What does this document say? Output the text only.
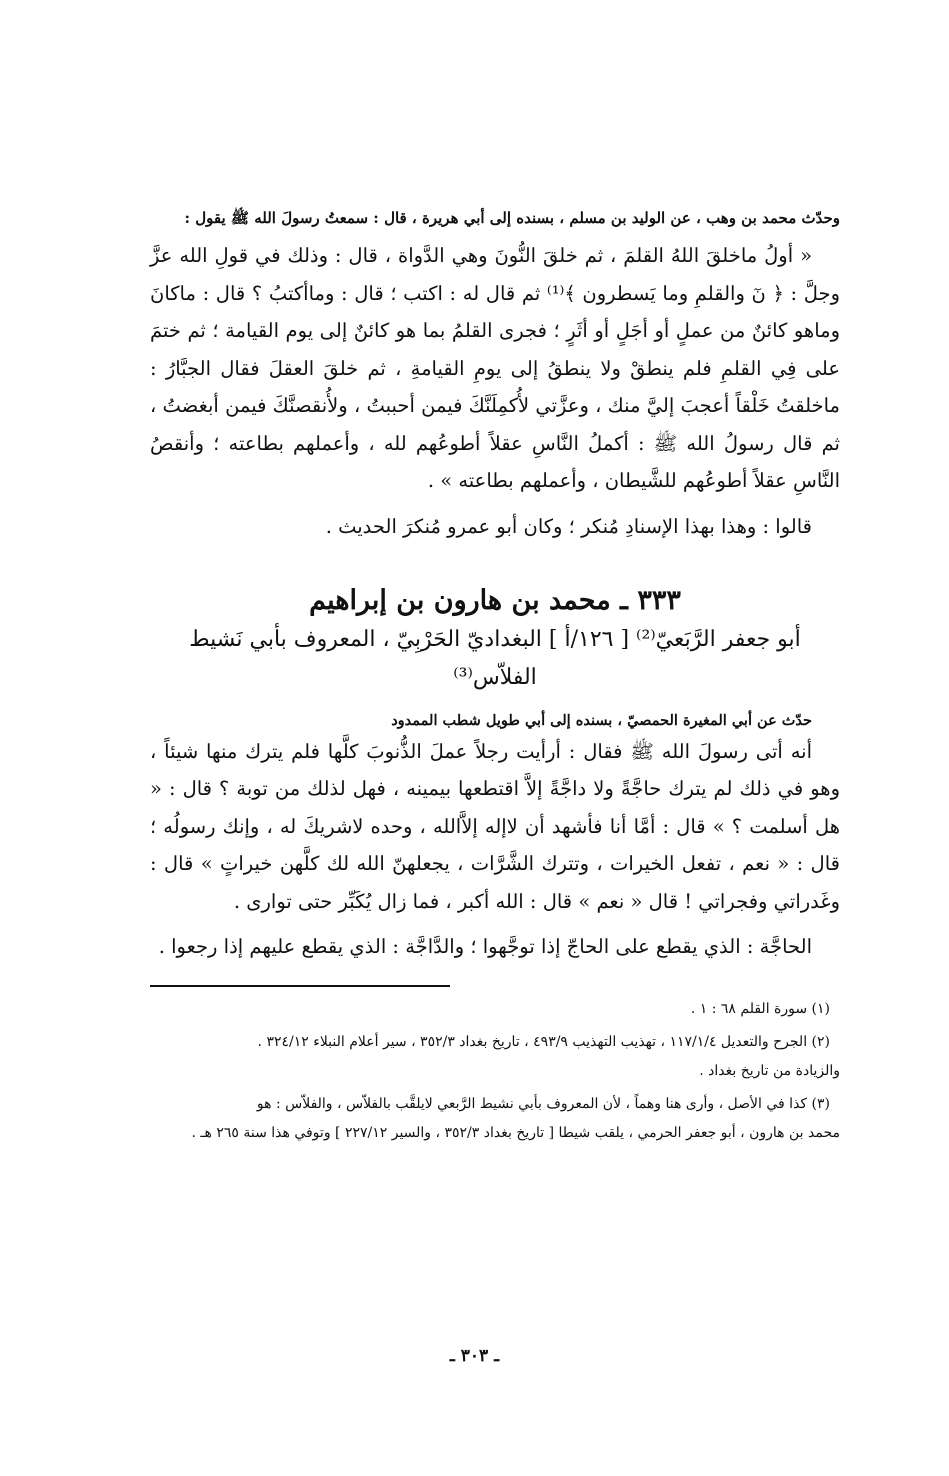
وحدّث محمد بن وهب ، عن الوليد بن مسلم ، بسنده إلى أبي هريرة ، قال : سمعتُ رسولَ الله ﷺ يقول :

« أولُ ماخلقَ اللهُ القلمَ ، ثم خلقَ النُّونَ وهي الدَّواة ، قال : وذلك في قولِ الله عزَّ وجلَّ : ﴿ نٓ والقلمِ وما يَسطرون ﴾⁽¹⁾ ثم قال له : اكتب ؛ قال : وماأكتبُ ؟ قال : ماكانَ وماهو كائنٌ من عملٍ أو أجَلٍ أو أثَرٍ ؛ فجرى القلمُ بما هو كائنٌ إلى يوم القيامة ؛ ثم ختمَ على فِي القلمِ فلم ينطقْ ولا ينطقُ إلى يومِ القيامةِ ، ثم خلقَ العقلَ فقال الجبَّارُ : ماخلقتُ خَلْقاً أعجبَ إليَّ منك ، وعزَّتي لأُكمِلَنَّكَ فيمن أحببتُ ، ولأُنقصنَّكَ فيمن أبغضتُ ، ثم قال رسولُ الله ﷺ : أكملُ النَّاسِ عقلاً أطوعُهم لله ، وأعملهم بطاعته ؛ وأنقصُ النَّاسِ عقلاً أطوعُهم للشَّيطان ، وأعملهم بطاعته » .

قالوا : وهذا بهذا الإسنادِ مُنكر ؛ وكان أبو عمرو مُنكرَ الحديث .

٣٣٣ ـ محمد بن هارون بن إبراهيم
أبو جعفر الرَّبَعيّ⁽²⁾ [ ١٢٦/أ ] البغداديّ الحَرْبِيّ ، المعروف بأبي نَشيط الفلاّس⁽³⁾

حدّث عن أبي المغيرة الحمصيّ ، بسنده إلى أبي طويل شطب الممدود

أنه أتى رسولَ الله ﷺ فقال : أرأيت رجلاً عملَ الذُّنوبَ كلَّها فلم يترك منها شيئاً ، وهو في ذلك لم يترك حاجَّةً ولا داجَّةً إلاَّ اقتطعها بيمينه ، فهل لذلك من توبة ؟ قال : « هل أسلمت ؟ » قال : أمَّا أنا فأشهد أن لاإله إلاَّالله ، وحده لاشريكَ له ، وإنك رسولُه ؛ قال : « نعم ، تفعل الخيرات ، وتترك الشَّرَّات ، يجعلهنّ الله لك كلَّهن خيراتٍ » قال : وغَدراتي وفجراتي ! قال « نعم » قال : الله أكبر ، فما زال يُكَبِّر حتى توارى .

الحاجَّة : الذي يقطع على الحاجّ إذا توجَّهوا ؛ والدَّاجَّة : الذي يقطع عليهم إذا رجعوا .

(١) سورة القلم ٦٨ : ١ .

(٢) الجرح والتعديل ١١٧/١/٤ ، تهذيب التهذيب ٤٩٣/٩ ، تاريخ بغداد ٣٥٢/٣ ، سير أعلام النبلاء ٣٢٤/١٢ .

والزيادة من تاريخ بغداد .

(٣) كذا في الأصل ، وأرى هنا وهماً ، لأن المعروف بأبي نشيط الرَّبعي لايلقَّب بالفلاّس ، والفلاّس : هو

محمد بن هارون ، أبو جعفر الحرمي ، يلقب شيطا [ تاريخ بغداد ٣٥٢/٣ ، والسير ٢٢٧/١٢ ] وتوفي هذا سنة ٢٦٥ هـ .

ـ ٣٠٣ ـ
